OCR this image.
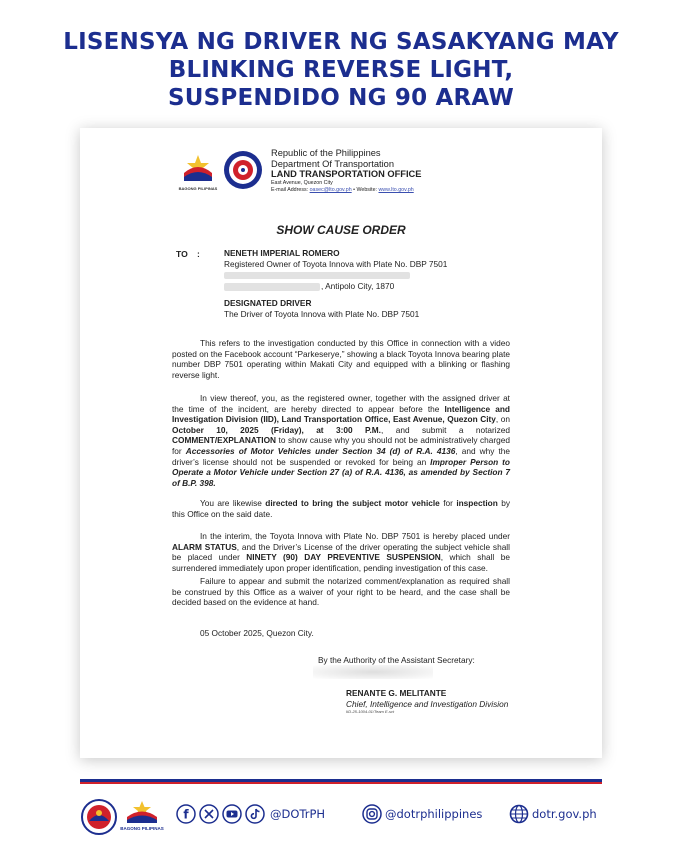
LISENSYA NG DRIVER NG SASAKYANG MAY
BLINKING REVERSE LIGHT,
SUSPENDIDO NG 90 ARAW
BAGONG PILIPINAS
Republic of the Philippines
Department Of Transportation
LAND TRANSPORTATION OFFICE
East Avenue, Quezon City
E-mail Address: oasec@lto.gov.ph • Website: www.lto.gov.ph
SHOW CAUSE ORDER
TO :	NENETH IMPERIAL ROMERO
Registered Owner of Toyota Innova with Plate No. DBP 7501
, Antipolo City, 1870
DESIGNATED DRIVER
The Driver of Toyota Innova with Plate No. DBP 7501
This refers to the investigation conducted by this Office in connection with a video posted on the Facebook account “Parkeserye,” showing a black Toyota Innova bearing plate number DBP 7501 operating within Makati City and equipped with a blinking or flashing reverse light.
In view thereof, you, as the registered owner, together with the assigned driver at the time of the incident, are hereby directed to appear before the Intelligence and Investigation Division (IID), Land Transportation Office, East Avenue, Quezon City, on October 10, 2025 (Friday), at 3:00 P.M., and submit a notarized COMMENT/EXPLANATION to show cause why you should not be administratively charged for Accessories of Motor Vehicles under Section 34 (d) of R.A. 4136, and why the driver’s license should not be suspended or revoked for being an Improper Person to Operate a Motor Vehicle under Section 27 (a) of R.A. 4136, as amended by Section 7 of B.P. 398.
You are likewise directed to bring the subject motor vehicle for inspection by this Office on the said date.
In the interim, the Toyota Innova with Plate No. DBP 7501 is hereby placed under ALARM STATUS, and the Driver’s License of the driver operating the subject vehicle shall be placed under NINETY (90) DAY PREVENTIVE SUSPENSION, which shall be surrendered immediately upon proper identification, pending investigation of this case.
Failure to appear and submit the notarized comment/explanation as required shall be construed by this Office as a waiver of your right to be heard, and the case shall be decided based on the evidence at hand.
05 October 2025, Quezon City.
By the Authority of the Assistant Secretary:
RENANTE G. MELITANTE
Chief, Intelligence and Investigation Division
IID-25-1004-01/Team E-sct
BAGONG PILIPINAS
f	@DOTrPH	@dotrphilippines	dotr.gov.ph
